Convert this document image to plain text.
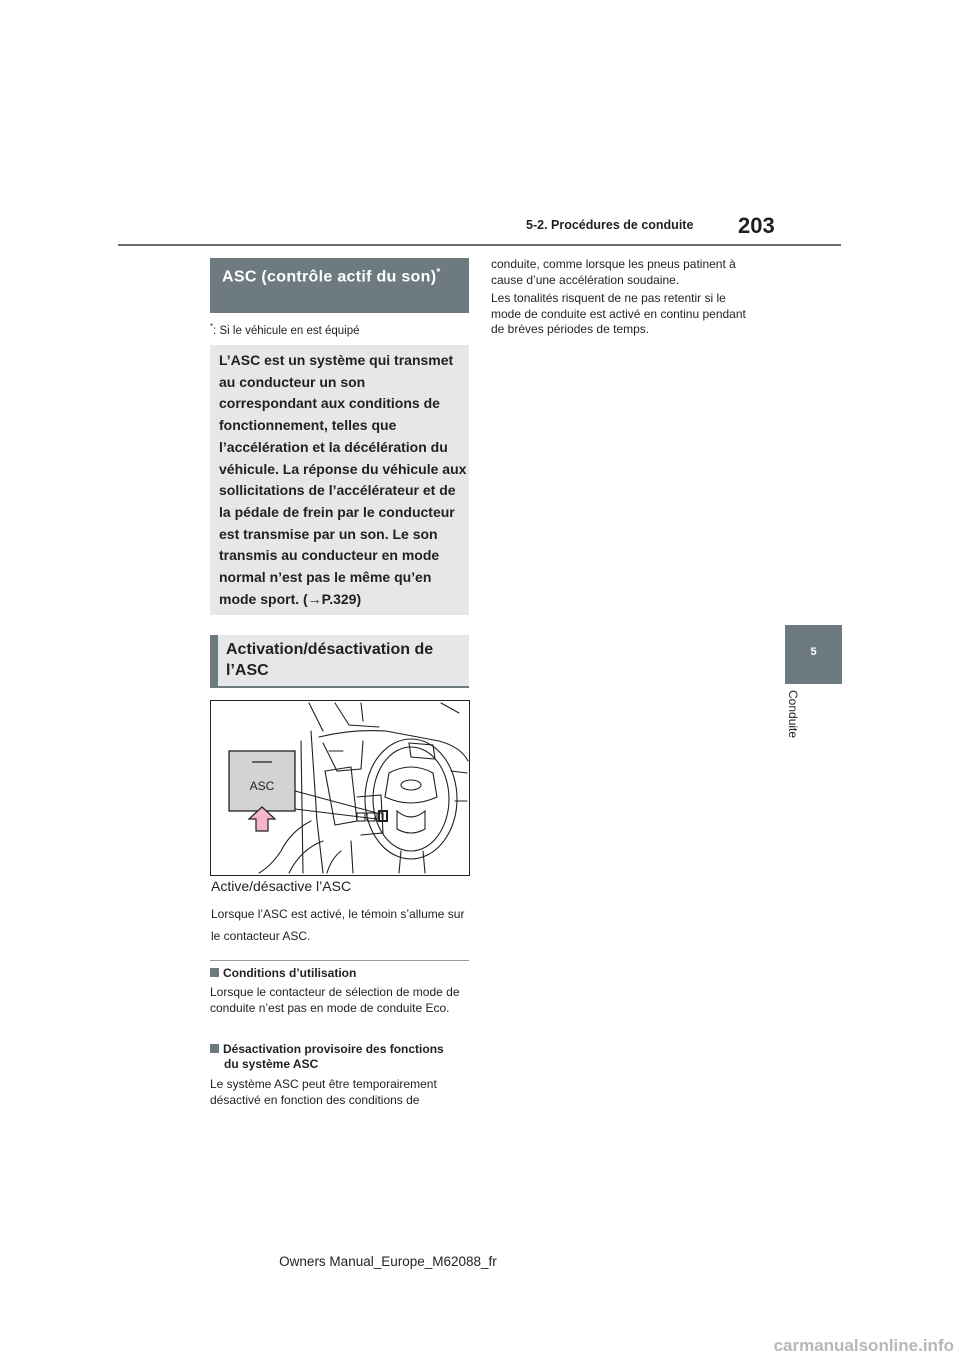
5-2. Procédures de conduite 203
5
Conduite
ASC (contrôle actif du son)*
*: Si le véhicule en est équipé
L’ASC est un système qui transmet au conducteur un son correspondant aux conditions de fonctionnement, telles que l’accélération et la décélération du véhicule. La réponse du véhicule aux sollicitations de l’accélérateur et de la pédale de frein par le conducteur est transmise par un son. Le son transmis au conducteur en mode normal n’est pas le même qu’en mode sport. (→P.329)
Activation/désactivation de l’ASC
ASC
Active/désactive l’ASC
Lorsque l’ASC est activé, le témoin s’allume sur le contacteur ASC.
Conditions d’utilisation
Lorsque le contacteur de sélection de mode de conduite n’est pas en mode de conduite Eco.
Désactivation provisoire des fonctions
du système ASC
Le système ASC peut être temporairement désactivé en fonction des conditions de
conduite, comme lorsque les pneus patinent à cause d’une accélération soudaine.
Les tonalités risquent de ne pas retentir si le mode de conduite est activé en continu pendant de brèves périodes de temps.
Owners Manual_Europe_M62088_fr
carmanualsonline.info
